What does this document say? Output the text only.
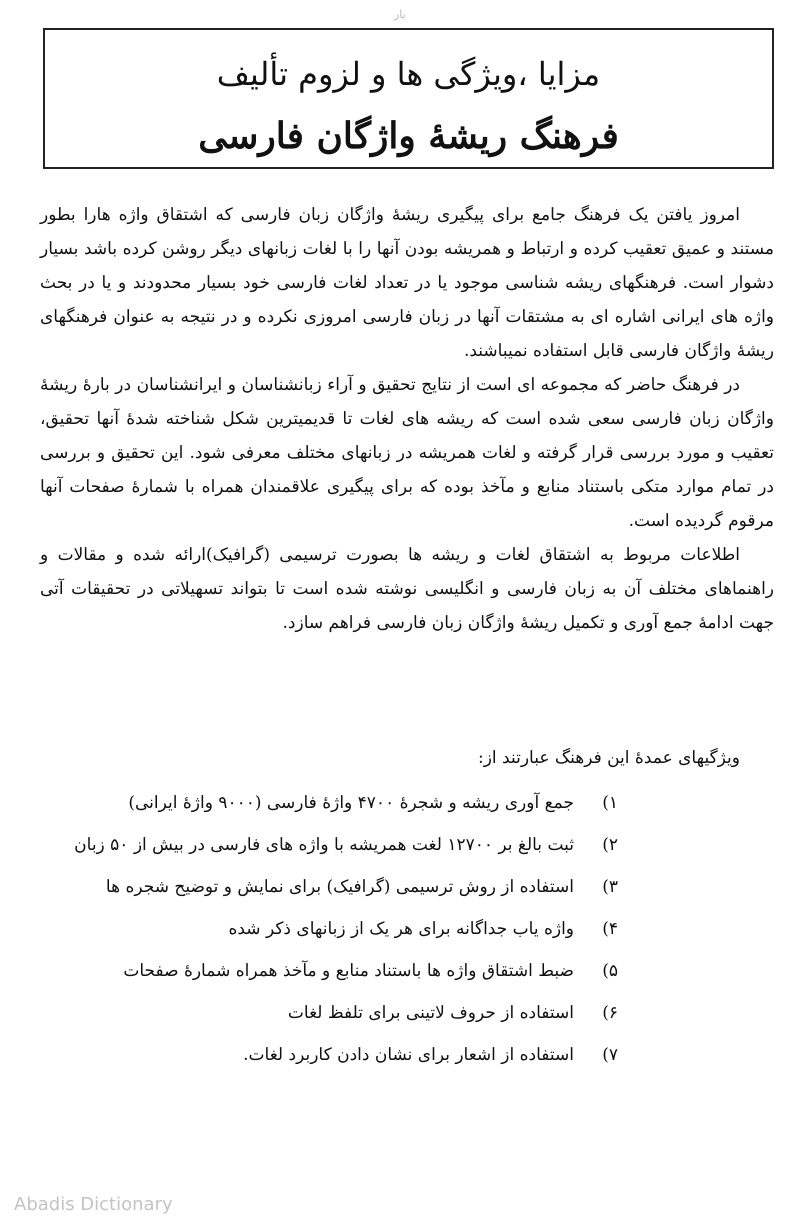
بار
مزایا ،ویژگی ها و لزوم تألیف
فرهنگ ریشهٔ واژگان فارسی

امروز یافتن یک فرهنگ جامع برای پیگیری ریشهٔ واژگان زبان فارسی که اشتقاق واژه هارا بطور مستند و عمیق تعقیب کرده و ارتباط و همریشه بودن آنها را با لغات زبانهای دیگر روشن کرده باشد بسیار دشوار است. فرهنگهای ریشه شناسی موجود یا در تعداد لغات فارسی خود بسیار محدودند و یا در بحث واژه های ایرانی اشاره ای به مشتقات آنها در زبان فارسی امروزی نکرده و در نتیجه به عنوان فرهنگهای ریشهٔ واژگان فارسی قابل استفاده نمیباشند.

در فرهنگ حاضر که مجموعه ای است از نتایج تحقیق و آراء زبانشناسان و ایرانشناسان در بارهٔ ریشهٔ واژگان زبان فارسی سعی شده است که ریشه های لغات تا قدیمیترین شکل شناخته شدهٔ آنها تحقیق، تعقیب و مورد بررسی قرار گرفته و لغات همریشه در زبانهای مختلف معرفی شود. این تحقیق و بررسی در تمام موارد متکی باستناد منابع و مآخذ بوده که برای پیگیری علاقمندان همراه با شمارهٔ صفحات آنها مرقوم گردیده است.

اطلاعات مربوط به اشتقاق لغات و ریشه ها بصورت ترسیمی (گرافیک)ارائه شده و مقالات و راهنماهای مختلف آن به زبان فارسی و انگلیسی نوشته شده است تا بتواند تسهیلاتی در تحقیقات آتی جهت ادامهٔ جمع آوری و تکمیل ریشهٔ واژگان زبان فارسی فراهم سازد.

ویژگیهای عمدهٔ این فرهنگ عبارتند از:
۱)
جمع آوری ریشه و شجرهٔ ۴۷۰۰ واژهٔ فارسی (۹۰۰۰ واژهٔ ایرانی)
۲)
ثبت بالغ بر ۱۲۷۰۰ لغت همریشه با واژه های فارسی در بیش از ۵۰ زبان
۳)
استفاده از روش ترسیمی (گرافیک) برای نمایش و توضیح شجره ها
۴)
واژه یاب جداگانه برای هر یک از زبانهای ذکر شده
۵)
ضبط اشتقاق واژه ها باستناد منابع و مآخذ همراه شمارهٔ صفحات
۶)
استفاده از حروف لاتینی برای تلفظ لغات
۷)
استفاده از اشعار برای نشان دادن کاربرد لغات.
Abadis Dictionary
